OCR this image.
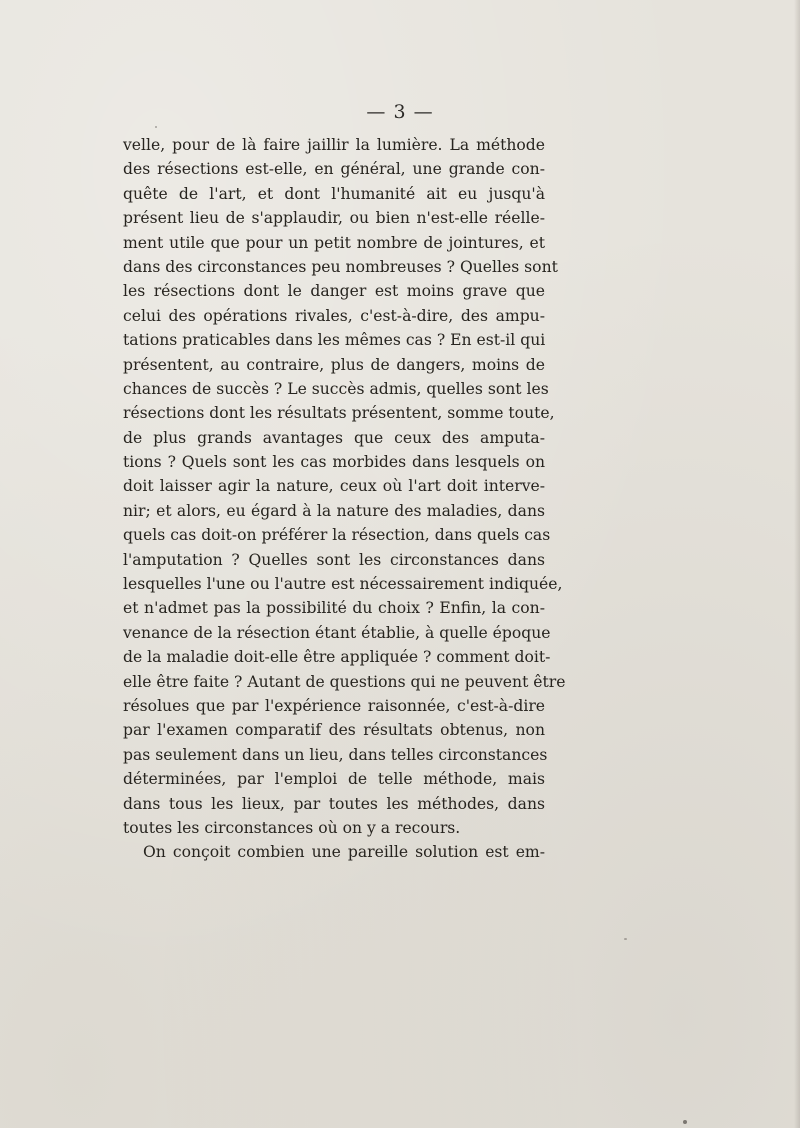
— 3 —
velle, pour de là faire jaillir la lumière. La méthode
des résections est-elle, en général, une grande con-
quête de l'art, et dont l'humanité ait eu jusqu'à
présent lieu de s'applaudir, ou bien n'est-elle réelle-
ment utile que pour un petit nombre de jointures, et
dans des circonstances peu nombreuses ? Quelles sont
les résections dont le danger est moins grave que
celui des opérations rivales, c'est-à-dire, des ampu-
tations praticables dans les mêmes cas ? En est-il qui
présentent, au contraire, plus de dangers, moins de
chances de succès ? Le succès admis, quelles sont les
résections dont les résultats présentent, somme toute,
de plus grands avantages que ceux des amputa-
tions ? Quels sont les cas morbides dans lesquels on
doit laisser agir la nature, ceux où l'art doit interve-
nir; et alors, eu égard à la nature des maladies, dans
quels cas doit-on préférer la résection, dans quels cas
l'amputation ? Quelles sont les circonstances dans
lesquelles l'une ou l'autre est nécessairement indiquée,
et n'admet pas la possibilité du choix ? Enfin, la con-
venance de la résection étant établie, à quelle époque
de la maladie doit-elle être appliquée ? comment doit-
elle être faite ? Autant de questions qui ne peuvent être
résolues que par l'expérience raisonnée, c'est-à-dire
par l'examen comparatif des résultats obtenus, non
pas seulement dans un lieu, dans telles circonstances
déterminées, par l'emploi de telle méthode, mais
dans tous les lieux, par toutes les méthodes, dans
toutes les circonstances où on y a recours.
On conçoit combien une pareille solution est em-
